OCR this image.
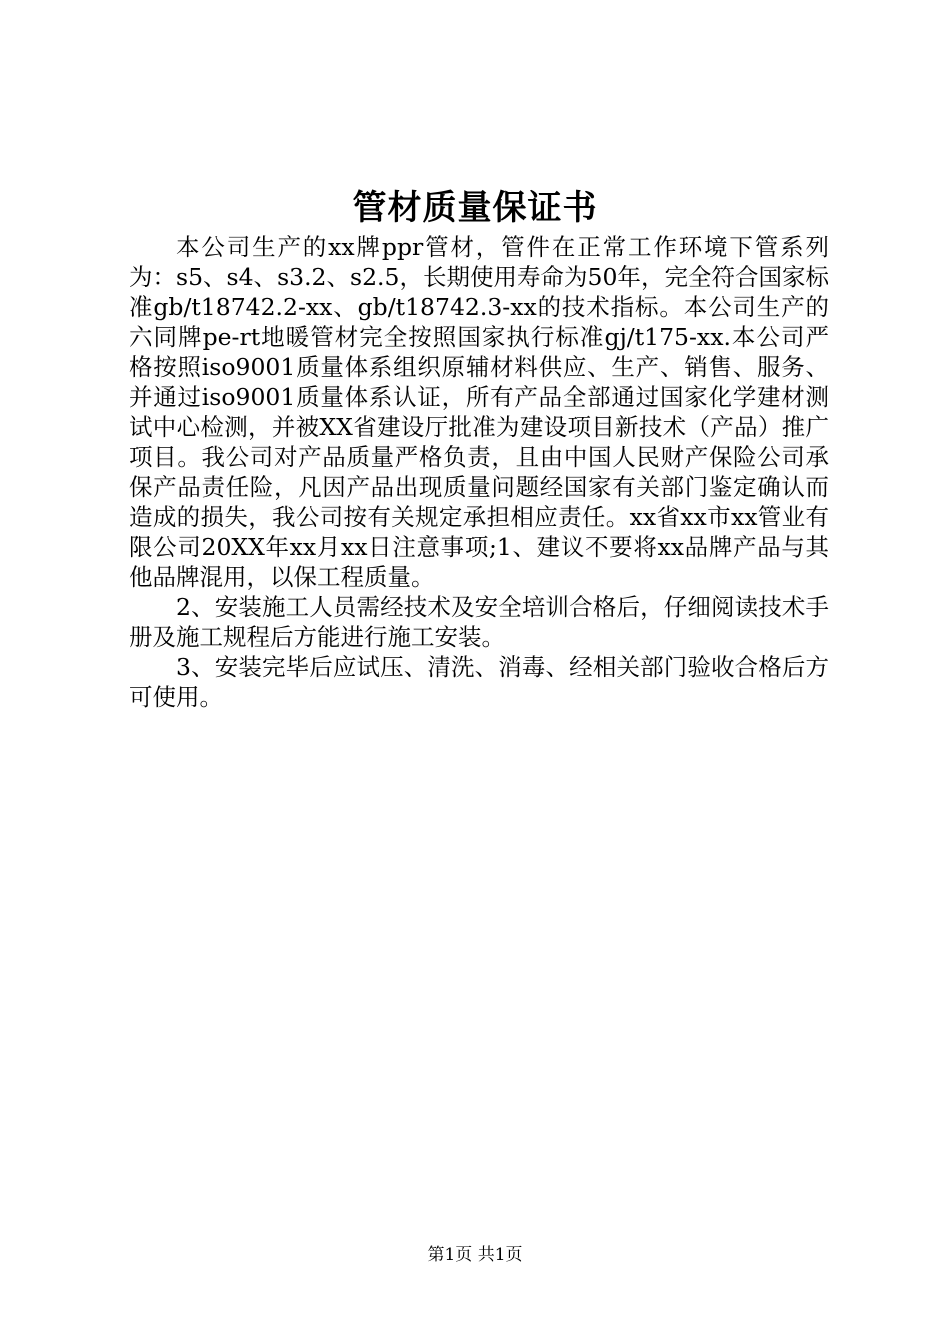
管材质量保证书

本公司生产的xx牌ppr管材，管件在正常工作环境下管系列为：s5、s4、s3.2、s2.5，长期使用寿命为50年，完全符合国家标准gb/t18742.2-xx、gb/t18742.3-xx的技术指标。本公司生产的六同牌pe-rt地暖管材完全按照国家执行标准gj/t175-xx.本公司严格按照iso9001质量体系组织原辅材料供应、生产、销售、服务、并通过iso9001质量体系认证，所有产品全部通过国家化学建材测试中心检测，并被XX省建设厅批准为建设项目新技术（产品）推广项目。我公司对产品质量严格负责，且由中国人民财产保险公司承保产品责任险，凡因产品出现质量问题经国家有关部门鉴定确认而造成的损失，我公司按有关规定承担相应责任。xx省xx市xx管业有限公司20XX年xx月xx日注意事项;1、建议不要将xx品牌产品与其他品牌混用，以保工程质量。

2、安装施工人员需经技术及安全培训合格后，仔细阅读技术手册及施工规程后方能进行施工安装。

3、安装完毕后应试压、清洗、消毒、经相关部门验收合格后方可使用。

第1页 共1页
